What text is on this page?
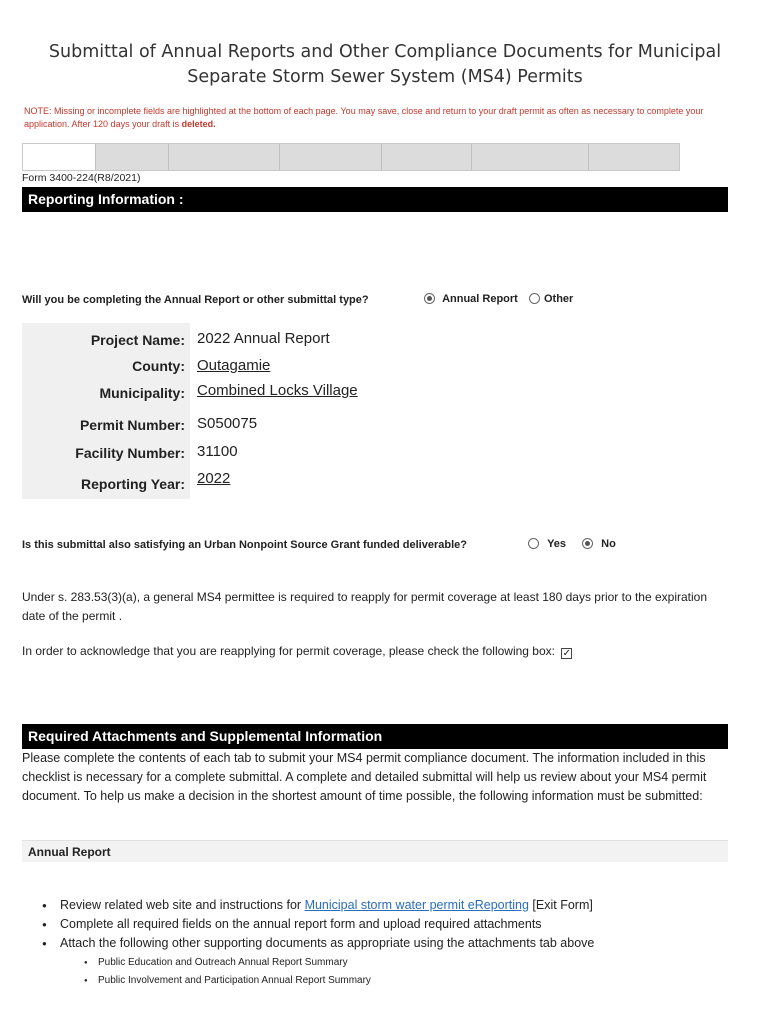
Submittal of Annual Reports and Other Compliance Documents for Municipal
Separate Storm Sewer System (MS4) Permits
NOTE: Missing or incomplete fields are highlighted at the bottom of each page. You may save, close and return to your draft permit as often as necessary to complete your application. After 120 days your draft is deleted.
Form 3400-224(R8/2021)
Reporting Information :
Will you be completing the Annual Report or other submittal type?	Annual Report Other
Project Name: 2022 Annual Report
County: Outagamie
Municipality: Combined Locks Village
Permit Number: S050075
Facility Number: 31100
Reporting Year: 2022
Is this submittal also satisfying an Urban Nonpoint Source Grant funded deliverable?	Yes	No
Under s. 283.53(3)(a), a general MS4 permittee is required to reapply for permit coverage at least 180 days prior to the expiration date of the permit .
In order to acknowledge that you are reapplying for permit coverage, please check the following box: ✓
Required Attachments and Supplemental Information
Please complete the contents of each tab to submit your MS4 permit compliance document. The information included in this checklist is necessary for a complete submittal. A complete and detailed submittal will help us review about your MS4 permit document. To help us make a decision in the shortest amount of time possible, the following information must be submitted:
Annual Report
● Review related web site and instructions for Municipal storm water permit eReporting [Exit Form]
● Complete all required fields on the annual report form and upload required attachments
● Attach the following other supporting documents as appropriate using the attachments tab above
● Public Education and Outreach Annual Report Summary
● Public Involvement and Participation Annual Report Summary
